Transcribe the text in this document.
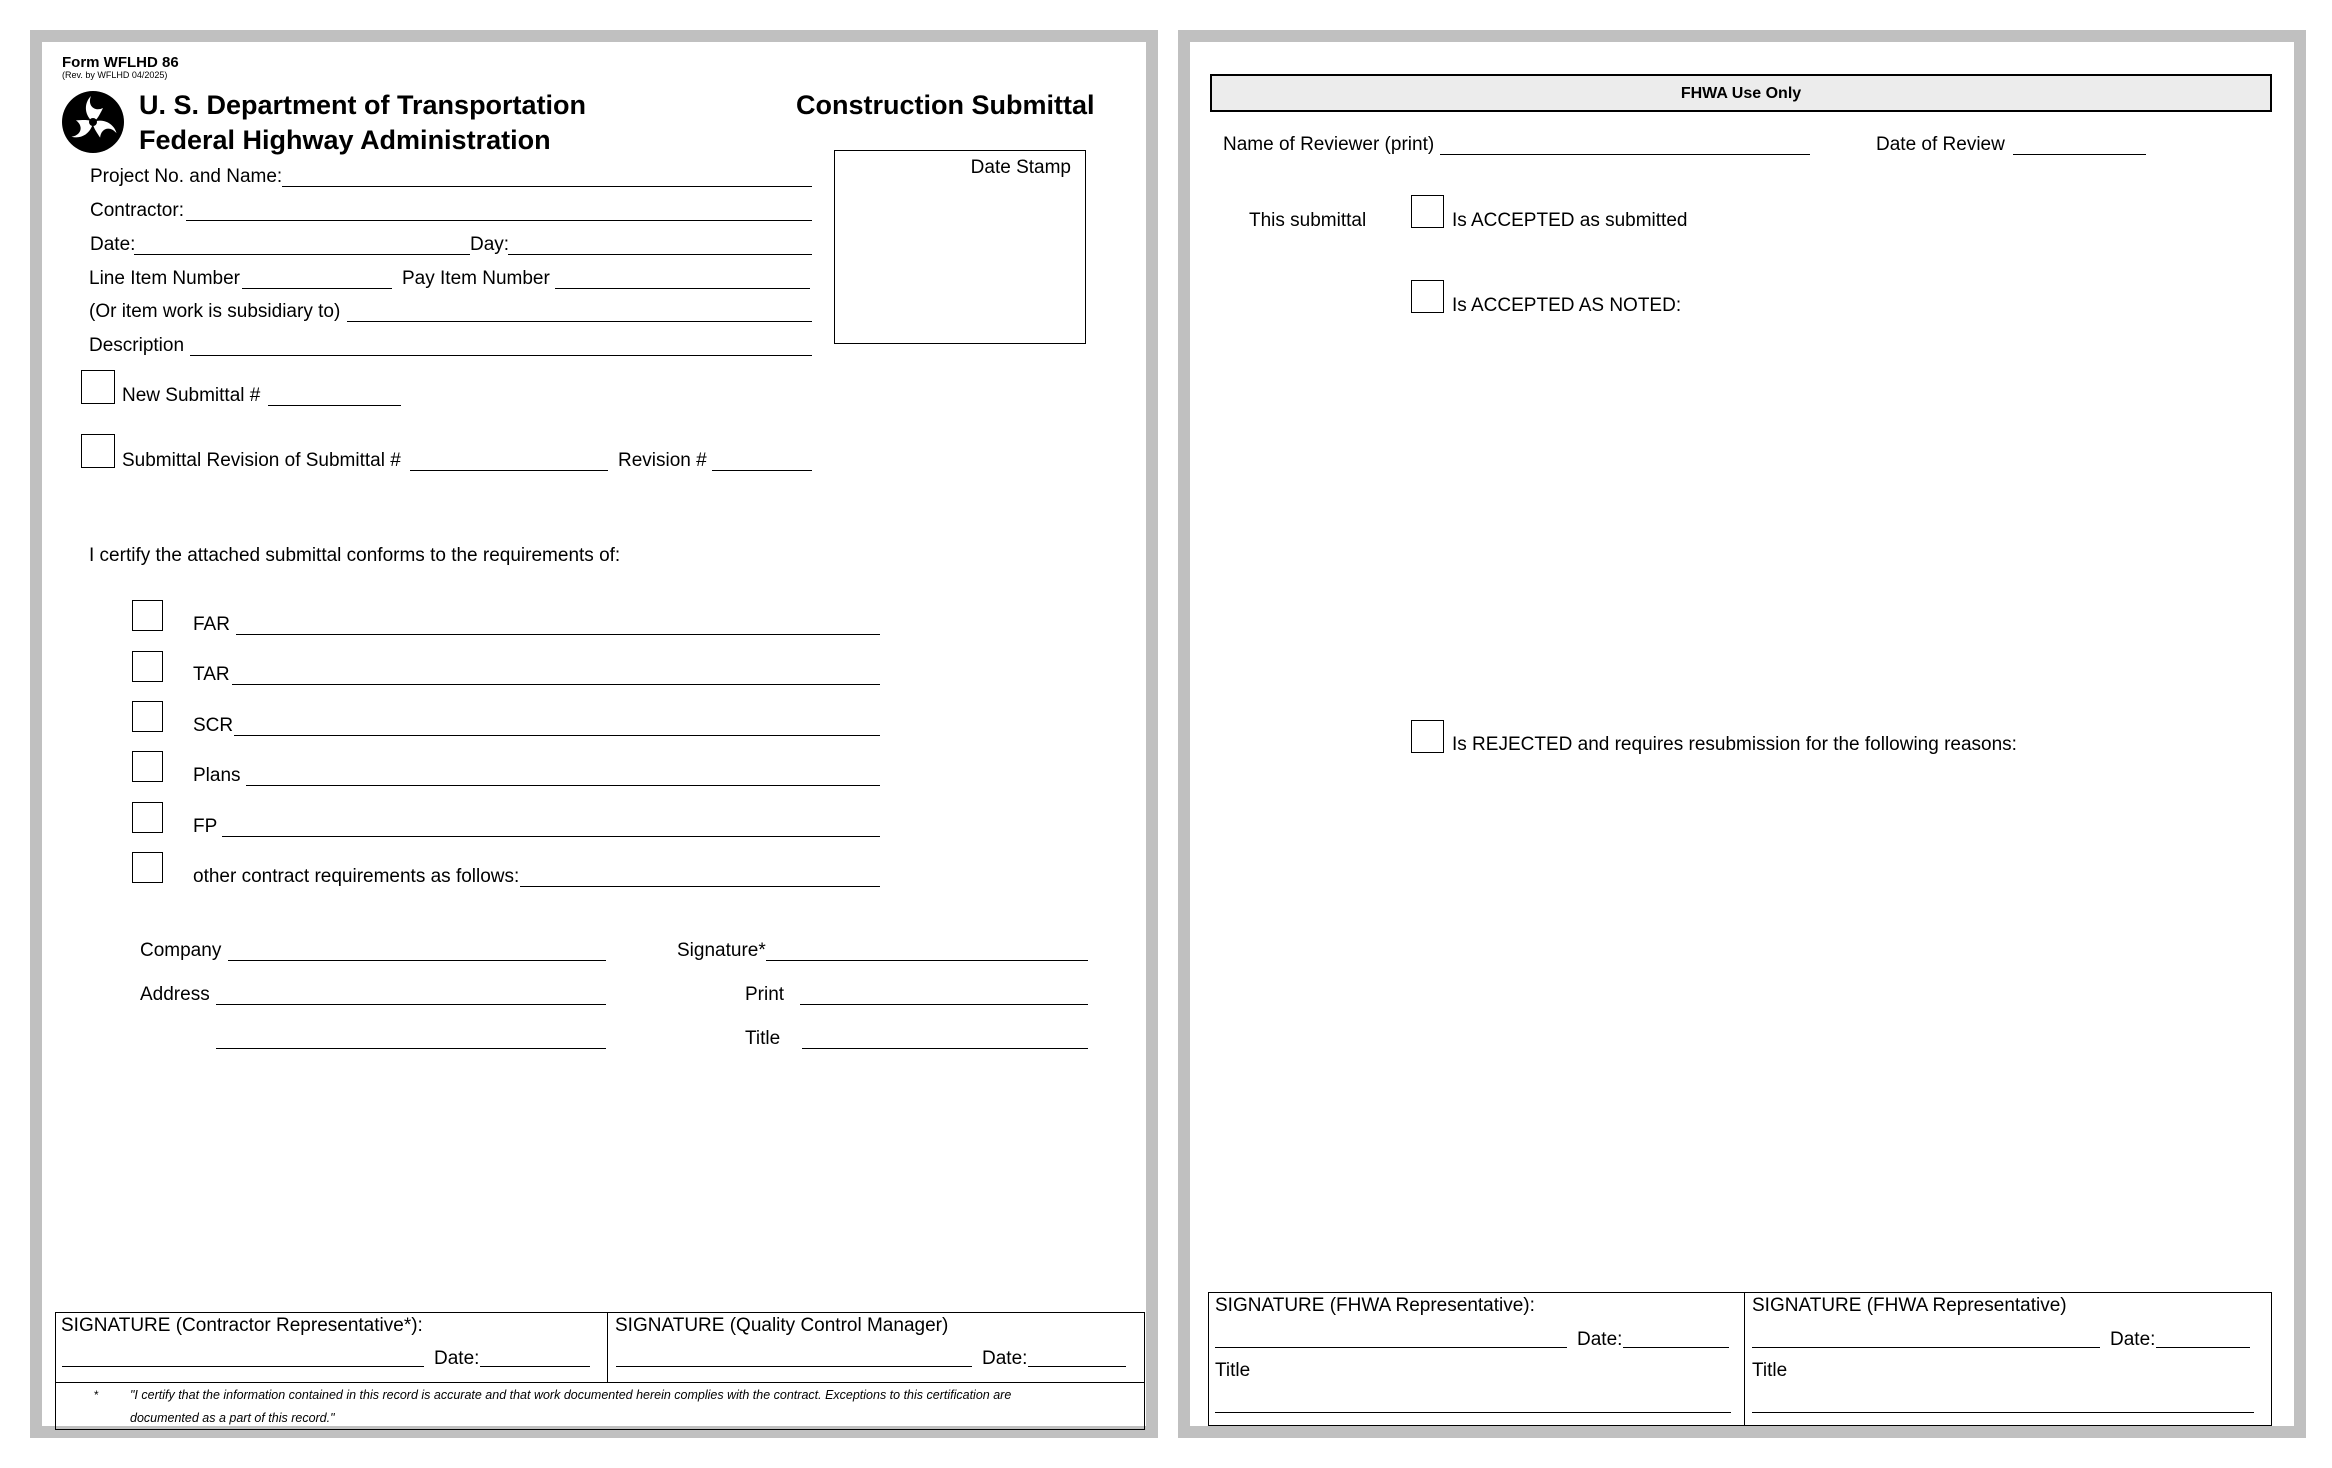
Form WFLHD 86
(Rev. by WFLHD 04/2025)
U. S. Department of Transportation
Federal Highway Administration
Construction Submittal
Date Stamp
Project No. and Name:
Contractor:
Date:	Day:
Line Item Number	Pay Item Number
(Or item work is subsidiary to)
Description
New Submittal #
Submittal Revision of Submittal #	Revision #
I certify the attached submittal conforms to the requirements of:
FAR
TAR
SCR
Plans
FP
other contract requirements as follows:
Company	Signature*
Address	Print
Title
SIGNATURE (Contractor Representative*):
Date:
SIGNATURE (Quality Control Manager)
Date:
*	"I certify that the information contained in this record is accurate and that work documented herein complies with the contract. Exceptions to this certification are
documented as a part of this record."
FHWA Use Only
Name of Reviewer (print)	Date of Review
This submittal	Is ACCEPTED as submitted
Is ACCEPTED AS NOTED:
Is REJECTED and requires resubmission for the following reasons:
SIGNATURE (FHWA Representative):
Date:
Title
SIGNATURE (FHWA Representative)
Date:
Title
